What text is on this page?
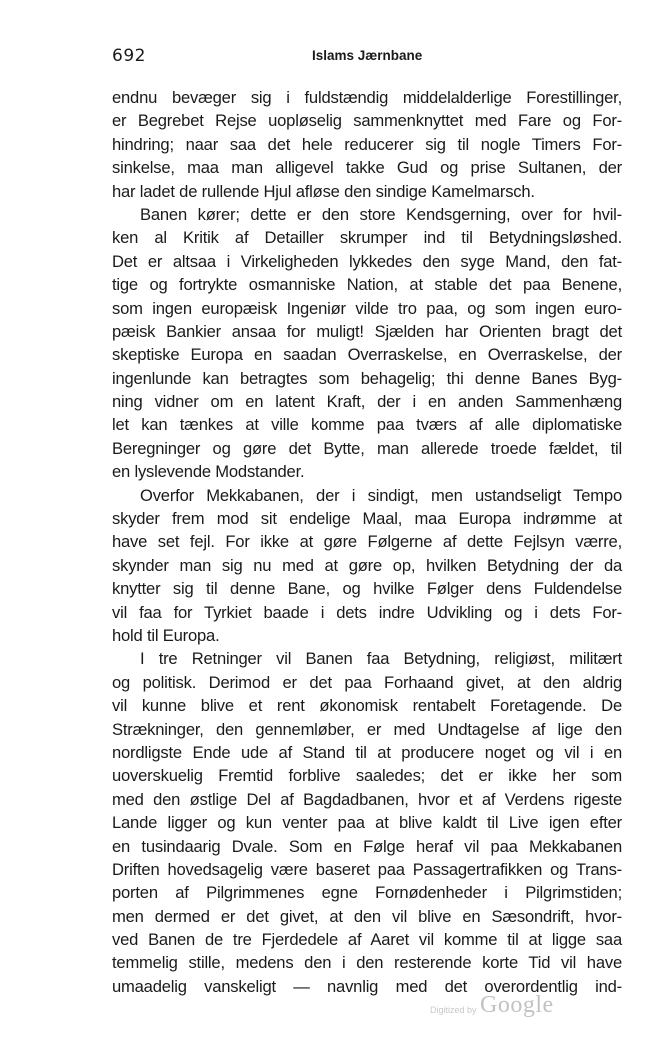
692	Islams Jærnbane
endnu bevæger sig i fuldstændig middelalderlige Forestillinger,
er Begrebet Rejse uopløselig sammenknyttet med Fare og For-
hindring; naar saa det hele reducerer sig til nogle Timers For-
sinkelse, maa man alligevel takke Gud og prise Sultanen, der
har ladet de rullende Hjul afløse den sindige Kamelmarsch.
Banen kører; dette er den store Kendsgerning, over for hvil-
ken al Kritik af Detailler skrumper ind til Betydningsløshed.
Det er altsaa i Virkeligheden lykkedes den syge Mand, den fat-
tige og fortrykte osmanniske Nation, at stable det paa Benene,
som ingen europæisk Ingeniør vilde tro paa, og som ingen euro-
pæisk Bankier ansaa for muligt! Sjælden har Orienten bragt det
skeptiske Europa en saadan Overraskelse, en Overraskelse, der
ingenlunde kan betragtes som behagelig; thi denne Banes Byg-
ning vidner om en latent Kraft, der i en anden Sammenhæng
let kan tænkes at ville komme paa tværs af alle diplomatiske
Beregninger og gøre det Bytte, man allerede troede fældet, til
en lyslevende Modstander.
Overfor Mekkabanen, der i sindigt, men ustandseligt Tempo
skyder frem mod sit endelige Maal, maa Europa indrømme at
have set fejl. For ikke at gøre Følgerne af dette Fejlsyn værre,
skynder man sig nu med at gøre op, hvilken Betydning der da
knytter sig til denne Bane, og hvilke Følger dens Fuldendelse
vil faa for Tyrkiet baade i dets indre Udvikling og i dets For-
hold til Europa.
I tre Retninger vil Banen faa Betydning, religiøst, militært
og politisk. Derimod er det paa Forhaand givet, at den aldrig
vil kunne blive et rent økonomisk rentabelt Foretagende. De
Strækninger, den gennemløber, er med Undtagelse af lige den
nordligste Ende ude af Stand til at producere noget og vil i en
uoverskuelig Fremtid forblive saaledes; det er ikke her som
med den østlige Del af Bagdadbanen, hvor et af Verdens rigeste
Lande ligger og kun venter paa at blive kaldt til Live igen efter
en tusindaarig Dvale. Som en Følge heraf vil paa Mekkabanen
Driften hovedsagelig være baseret paa Passagertrafikken og Trans-
porten af Pilgrimmenes egne Fornødenheder i Pilgrimstiden;
men dermed er det givet, at den vil blive en Sæsondrift, hvor-
ved Banen de tre Fjerdedele af Aaret vil komme til at ligge saa
temmelig stille, medens den i den resterende korte Tid vil have
umaadelig vanskeligt — navnlig med det overordentlig ind-
Digitized by Google
